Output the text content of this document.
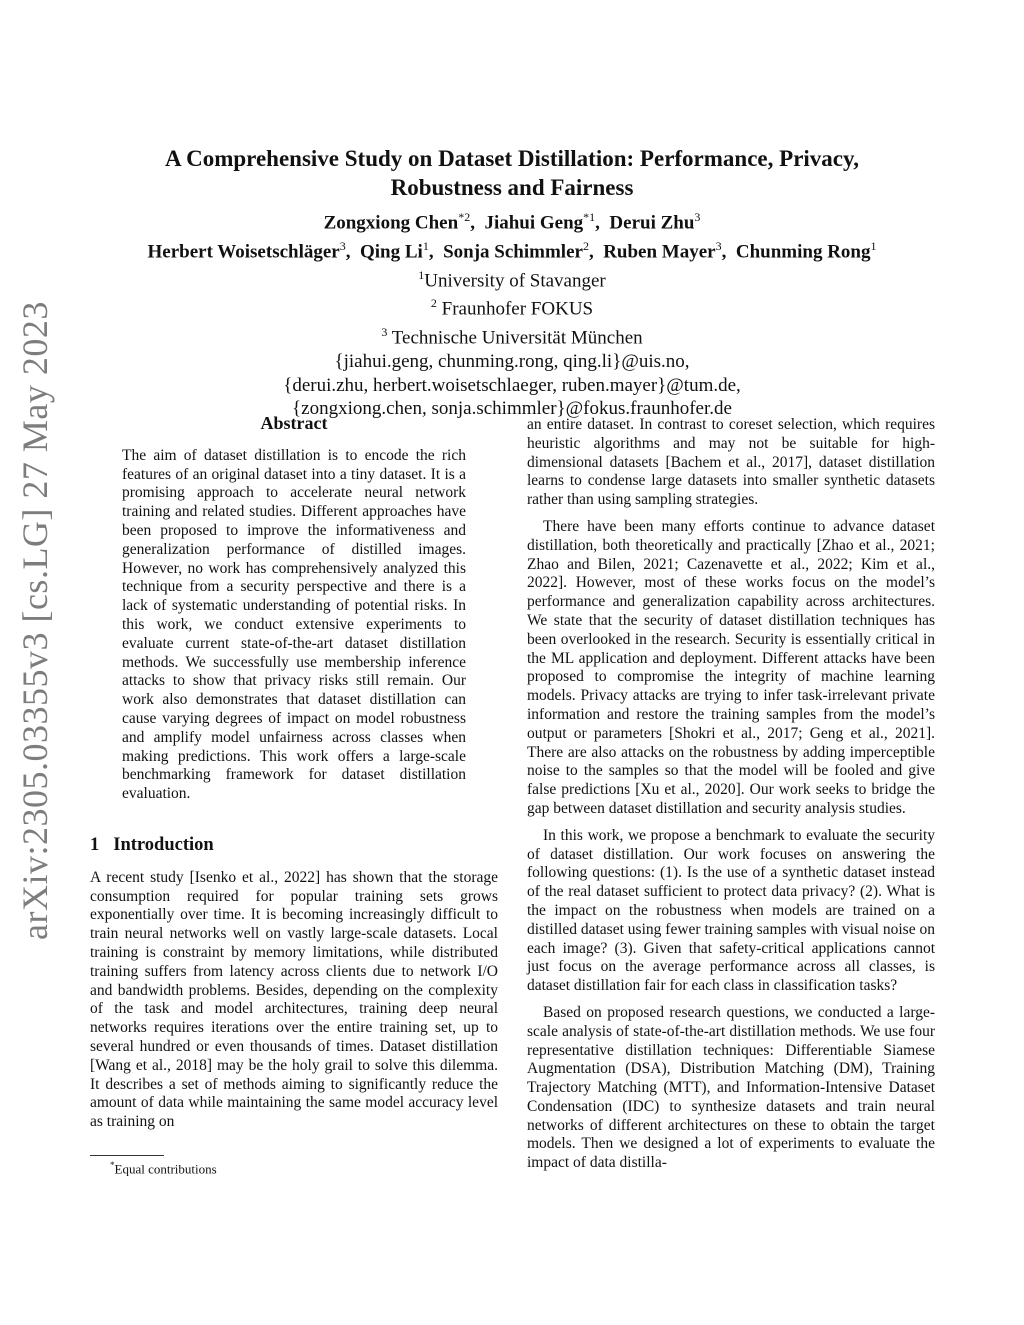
arXiv:2305.03355v3 [cs.LG] 27 May 2023
A Comprehensive Study on Dataset Distillation: Performance, Privacy,
Robustness and Fairness
Zongxiong Chen$^{*2}$,  Jiahui Geng$^{*1}$,  Derui Zhu$^3$
Herbert Woisetschläger$^3$,  Qing Li$^1$,  Sonja Schimmler$^2$,  Ruben Mayer$^3$,  Chunming Rong$^1$
$^1$University of Stavanger
$^2$ Fraunhofer FOKUS
$^3$ Technische Universität München
{jiahui.geng, chunming.rong, qing.li}@uis.no,
{derui.zhu, herbert.woisetschlaeger, ruben.mayer}@tum.de,
{zongxiong.chen, sonja.schimmler}@fokus.fraunhofer.de
Abstract

The aim of dataset distillation is to encode the rich features of an original dataset into a tiny dataset. It is a promising approach to accelerate neural network training and related studies. Different approaches have been proposed to improve the informativeness and generalization performance of distilled images. However, no work has comprehensively analyzed this technique from a security perspective and there is a lack of systematic understanding of potential risks. In this work, we conduct extensive experiments to evaluate current state-of-the-art dataset distillation methods. We successfully use membership inference attacks to show that privacy risks still remain. Our work also demonstrates that dataset distillation can cause varying degrees of impact on model robustness and amplify model unfairness across classes when making predictions. This work offers a large-scale benchmarking framework for dataset distillation evaluation.

1 Introduction

A recent study [Isenko et al., 2022] has shown that the storage consumption required for popular training sets grows exponentially over time. It is becoming increasingly difficult to train neural networks well on vastly large-scale datasets. Local training is constraint by memory limitations, while distributed training suffers from latency across clients due to network I/O and bandwidth problems. Besides, depending on the complexity of the task and model architectures, training deep neural networks requires iterations over the entire training set, up to several hundred or even thousands of times. Dataset distillation [Wang et al., 2018] may be the holy grail to solve this dilemma. It describes a set of methods aiming to significantly reduce the amount of data while maintaining the same model accuracy level as training on

an entire dataset. In contrast to coreset selection, which requires heuristic algorithms and may not be suitable for high-dimensional datasets [Bachem et al., 2017], dataset distillation learns to condense large datasets into smaller synthetic datasets rather than using sampling strategies.

There have been many efforts continue to advance dataset distillation, both theoretically and practically [Zhao et al., 2021; Zhao and Bilen, 2021; Cazenavette et al., 2022; Kim et al., 2022]. However, most of these works focus on the model’s performance and generalization capability across architectures. We state that the security of dataset distillation techniques has been overlooked in the research. Security is essentially critical in the ML application and deployment. Different attacks have been proposed to compromise the integrity of machine learning models. Privacy attacks are trying to infer task-irrelevant private information and restore the training samples from the model’s output or parameters [Shokri et al., 2017; Geng et al., 2021]. There are also attacks on the robustness by adding imperceptible noise to the samples so that the model will be fooled and give false predictions [Xu et al., 2020]. Our work seeks to bridge the gap between dataset distillation and security analysis studies.

In this work, we propose a benchmark to evaluate the security of dataset distillation. Our work focuses on answering the following questions: (1). Is the use of a synthetic dataset instead of the real dataset sufficient to protect data privacy? (2). What is the impact on the robustness when models are trained on a distilled dataset using fewer training samples with visual noise on each image? (3). Given that safety-critical applications cannot just focus on the average performance across all classes, is dataset distillation fair for each class in classification tasks?

Based on proposed research questions, we conducted a large-scale analysis of state-of-the-art distillation methods. We use four representative distillation techniques: Differentiable Siamese Augmentation (DSA), Distribution Matching (DM), Training Trajectory Matching (MTT), and Information-Intensive Dataset Condensation (IDC) to synthesize datasets and train neural networks of different architectures on these to obtain the target models. Then we designed a lot of experiments to evaluate the impact of data distilla-

*Equal contributions
